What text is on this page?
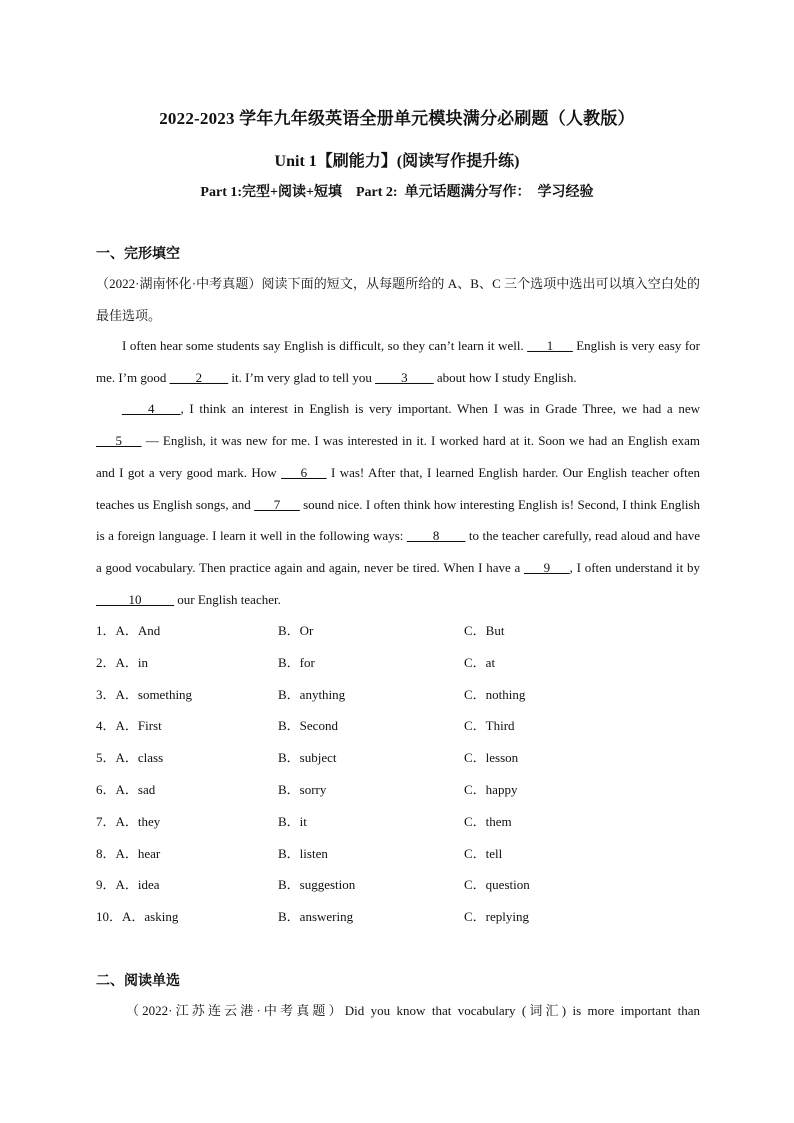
2022-2023 学年九年级英语全册单元模块满分必刷题（人教版）
Unit 1【刷能力】(阅读写作提升练)
Part 1:完型+阅读+短填    Part 2:  单元话题满分写作：  学习经验
一、完形填空
（2022·湖南怀化·中考真题）阅读下面的短文，从每题所给的 A、B、C 三个选项中选出可以填入空白处的最佳选项。

I often hear some students say English is difficult, so they can’t learn it well. ___1___ English is very easy for me. I’m good ____2____ it. I’m very glad to tell you ____3____ about how I study English.

____4____, I think an interest in English is very important. When I was in Grade Three, we had a new ___5___ — English, it was new for me. I was interested in it. I worked hard at it. Soon we had an English exam and I got a very good mark. How ___6___ I was! After that, I learned English harder. Our English teacher often teaches us English songs, and ___7___ sound nice. I often think how interesting English is! Second, I think English is a foreign language. I learn it well in the following ways: ____8____ to the teacher carefully, read aloud and have a good vocabulary. Then practice again and again, never be tired. When I have a ___9___, I often understand it by _____10_____ our English teacher.

1．A．And	B．Or	C．But
2．A．in	B．for	C．at
3．A．something	B．anything	C．nothing
4．A．First	B．Second	C．Third
5．A．class	B．subject	C．lesson
6．A．sad	B．sorry	C．happy
7．A．they	B．it	C．them
8．A．hear	B．listen	C．tell
9．A．idea	B．suggestion	C．question
10．A．asking	B．answering	C．replying
二、阅读单选
（2022·江苏连云港·中考真题）Did you know that vocabulary (词汇) is more important than
